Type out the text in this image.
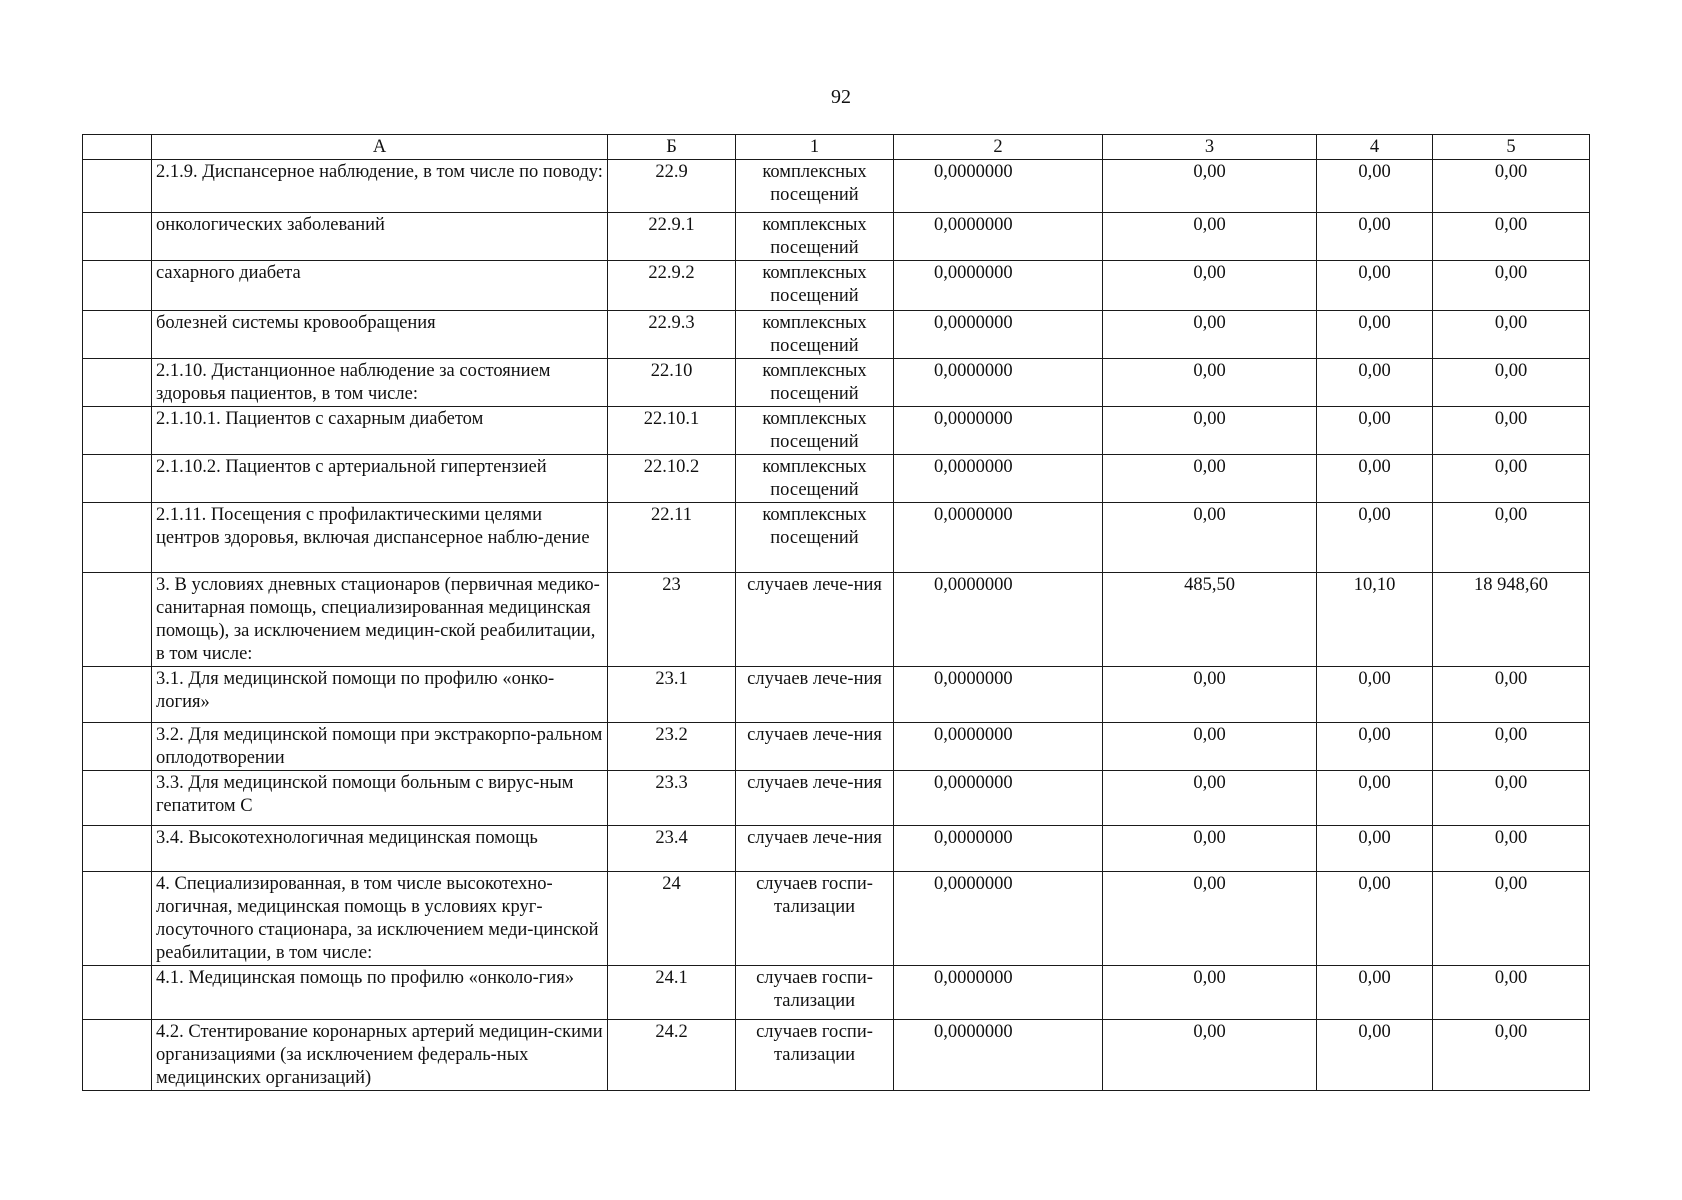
92
	А	Б	1	2	3	4	5
	2.1.9. Диспансерное наблюдение, в том числе по поводу:	22.9	комплексных посещений	0,0000000	0,00	0,00	0,00
	онкологических заболеваний	22.9.1	комплексных посещений	0,0000000	0,00	0,00	0,00
	сахарного диабета	22.9.2	комплексных посещений	0,0000000	0,00	0,00	0,00
	болезней системы кровообращения	22.9.3	комплексных посещений	0,0000000	0,00	0,00	0,00
	2.1.10. Дистанционное наблюдение за состоянием здоровья пациентов, в том числе:	22.10	комплексных посещений	0,0000000	0,00	0,00	0,00
	2.1.10.1. Пациентов с сахарным диабетом	22.10.1	комплексных посещений	0,0000000	0,00	0,00	0,00
	2.1.10.2. Пациентов с артериальной гипертензией	22.10.2	комплексных посещений	0,0000000	0,00	0,00	0,00
	2.1.11. Посещения с профилактическими целями центров здоровья, включая диспансерное наблю-дение	22.11	комплексных посещений	0,0000000	0,00	0,00	0,00
	3. В условиях дневных стационаров (первичная медико-санитарная помощь, специализированная медицинская помощь), за исключением медицин-ской реабилитации, в том числе:	23	случаев лече-ния	0,0000000	485,50	10,10	18 948,60
	3.1. Для медицинской помощи по профилю «онко-логия»	23.1	случаев лече-ния	0,0000000	0,00	0,00	0,00
	3.2. Для медицинской помощи при экстракорпо-ральном оплодотворении	23.2	случаев лече-ния	0,0000000	0,00	0,00	0,00
	3.3. Для медицинской помощи больным с вирус-ным гепатитом С	23.3	случаев лече-ния	0,0000000	0,00	0,00	0,00
	3.4. Высокотехнологичная медицинская помощь	23.4	случаев лече-ния	0,0000000	0,00	0,00	0,00
	4. Специализированная, в том числе высокотехно-логичная, медицинская помощь в условиях круг-лосуточного стационара, за исключением меди-цинской реабилитации, в том числе:	24	случаев госпи-тализации	0,0000000	0,00	0,00	0,00
	4.1. Медицинская помощь по профилю «онколо-гия»	24.1	случаев госпи-тализации	0,0000000	0,00	0,00	0,00
	4.2. Стентирование коронарных артерий медицин-скими организациями (за исключением федераль-ных медицинских организаций)	24.2	случаев госпи-тализации	0,0000000	0,00	0,00	0,00
